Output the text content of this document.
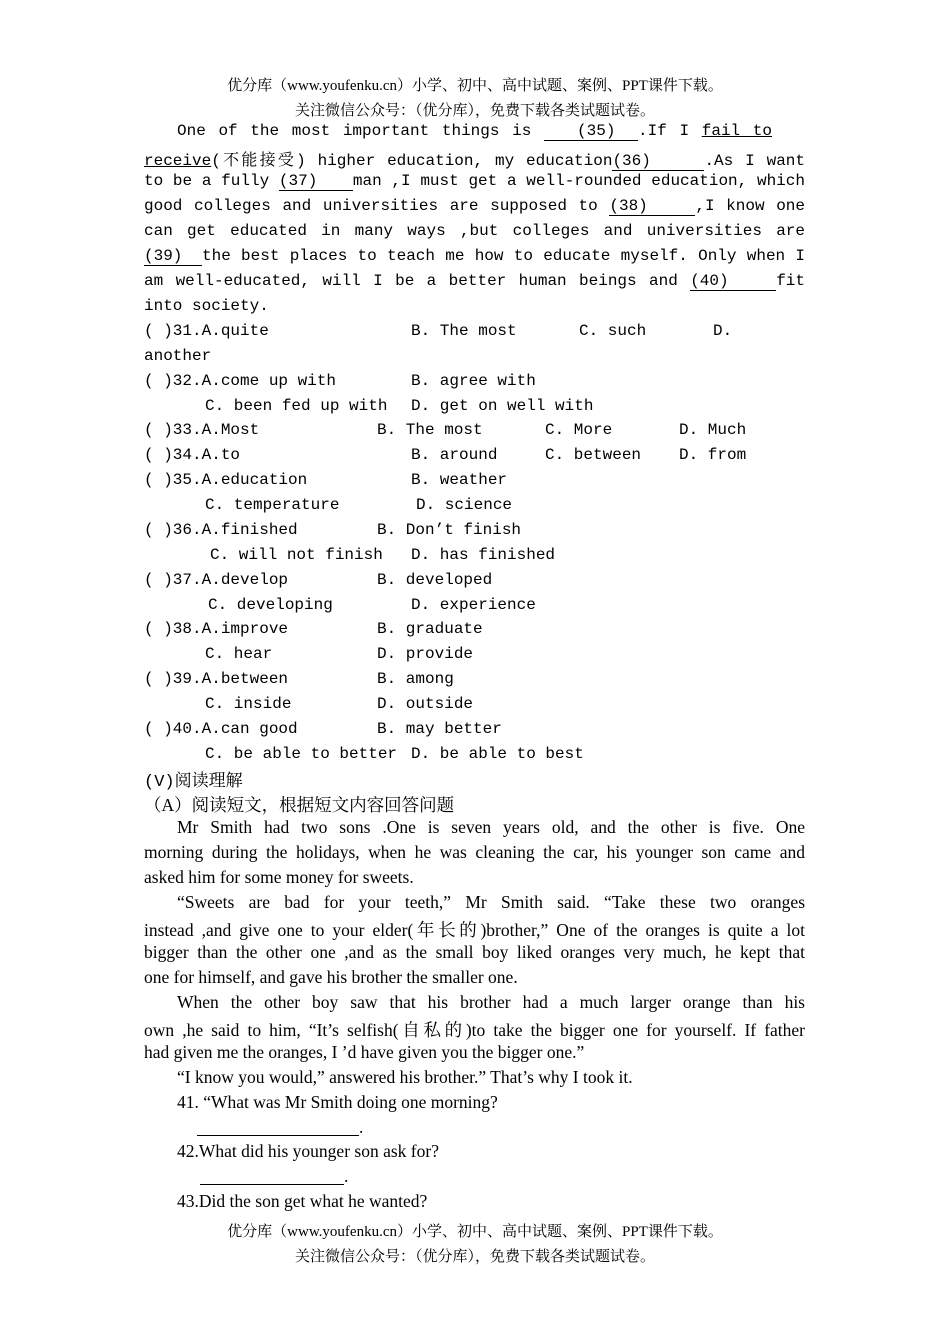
优分库（www.youfenku.cn）小学、初中、高中试题、案例、PPT课件下载。
关注微信公众号：（优分库），免费下载各类试题试卷。
One of the most important things is	(35) .If I fail to
receive(不能接受) higher education, my education(36)	.As I want
to be a fully (37) man ,I must get a well-rounded education, which
good colleges and universities are supposed to (38)	,I know one
can get educated in many ways ,but colleges and universities are
(39) the best places to teach me how to educate myself. Only when I
am well-educated, will I be a better human beings and (40)	fit
into society.
( )31.A.quite	B. The most	C. such	D.
another
( )32.A.come up with	B. agree with
C. been fed up with D. get on well with
( )33.A.Most	B. The most	C. More	D. Much
( )34.A.to	B. around	C. between D. from
( )35.A.education	B. weather
C. temperature	D. science
( )36.A.finished	B. Don’t finish
C. will not finish D. has finished
( )37.A.develop	B. developed
C. developing	D. experience
( )38.A.improve	B. graduate
C. hear	D. provide
( )39.A.between	B. among
C. inside	D. outside
( )40.A.can good	B. may better
C. be able to better D. be able to best
(V)阅读理解
（A）阅读短文，根据短文内容回答问题
Mr Smith had two sons .One is seven years old, and the other is five. One
morning during the holidays, when he was cleaning the car, his younger son came and
asked him for some money for sweets.
“Sweets are bad for your teeth,” Mr Smith said. “Take these two oranges
instead ,and give one to your elder(年长的)brother,” One of the oranges is quite a lot
bigger than the other one ,and as the small boy liked oranges very much, he kept that
one for himself, and gave his brother the smaller one.
When the other boy saw that his brother had a much larger orange than his
own ,he said to him, “It’s selfish(自私的)to take the bigger one for yourself. If father
had given me the oranges, I ’d have given you the bigger one.”
“I know you would,” answered his brother.” That’s why I took it.
41. “What was Mr Smith doing one morning?
.
42.What did his younger son ask for?
.
43.Did the son get what he wanted?
优分库（www.youfenku.cn）小学、初中、高中试题、案例、PPT课件下载。
关注微信公众号：（优分库），免费下载各类试题试卷。
